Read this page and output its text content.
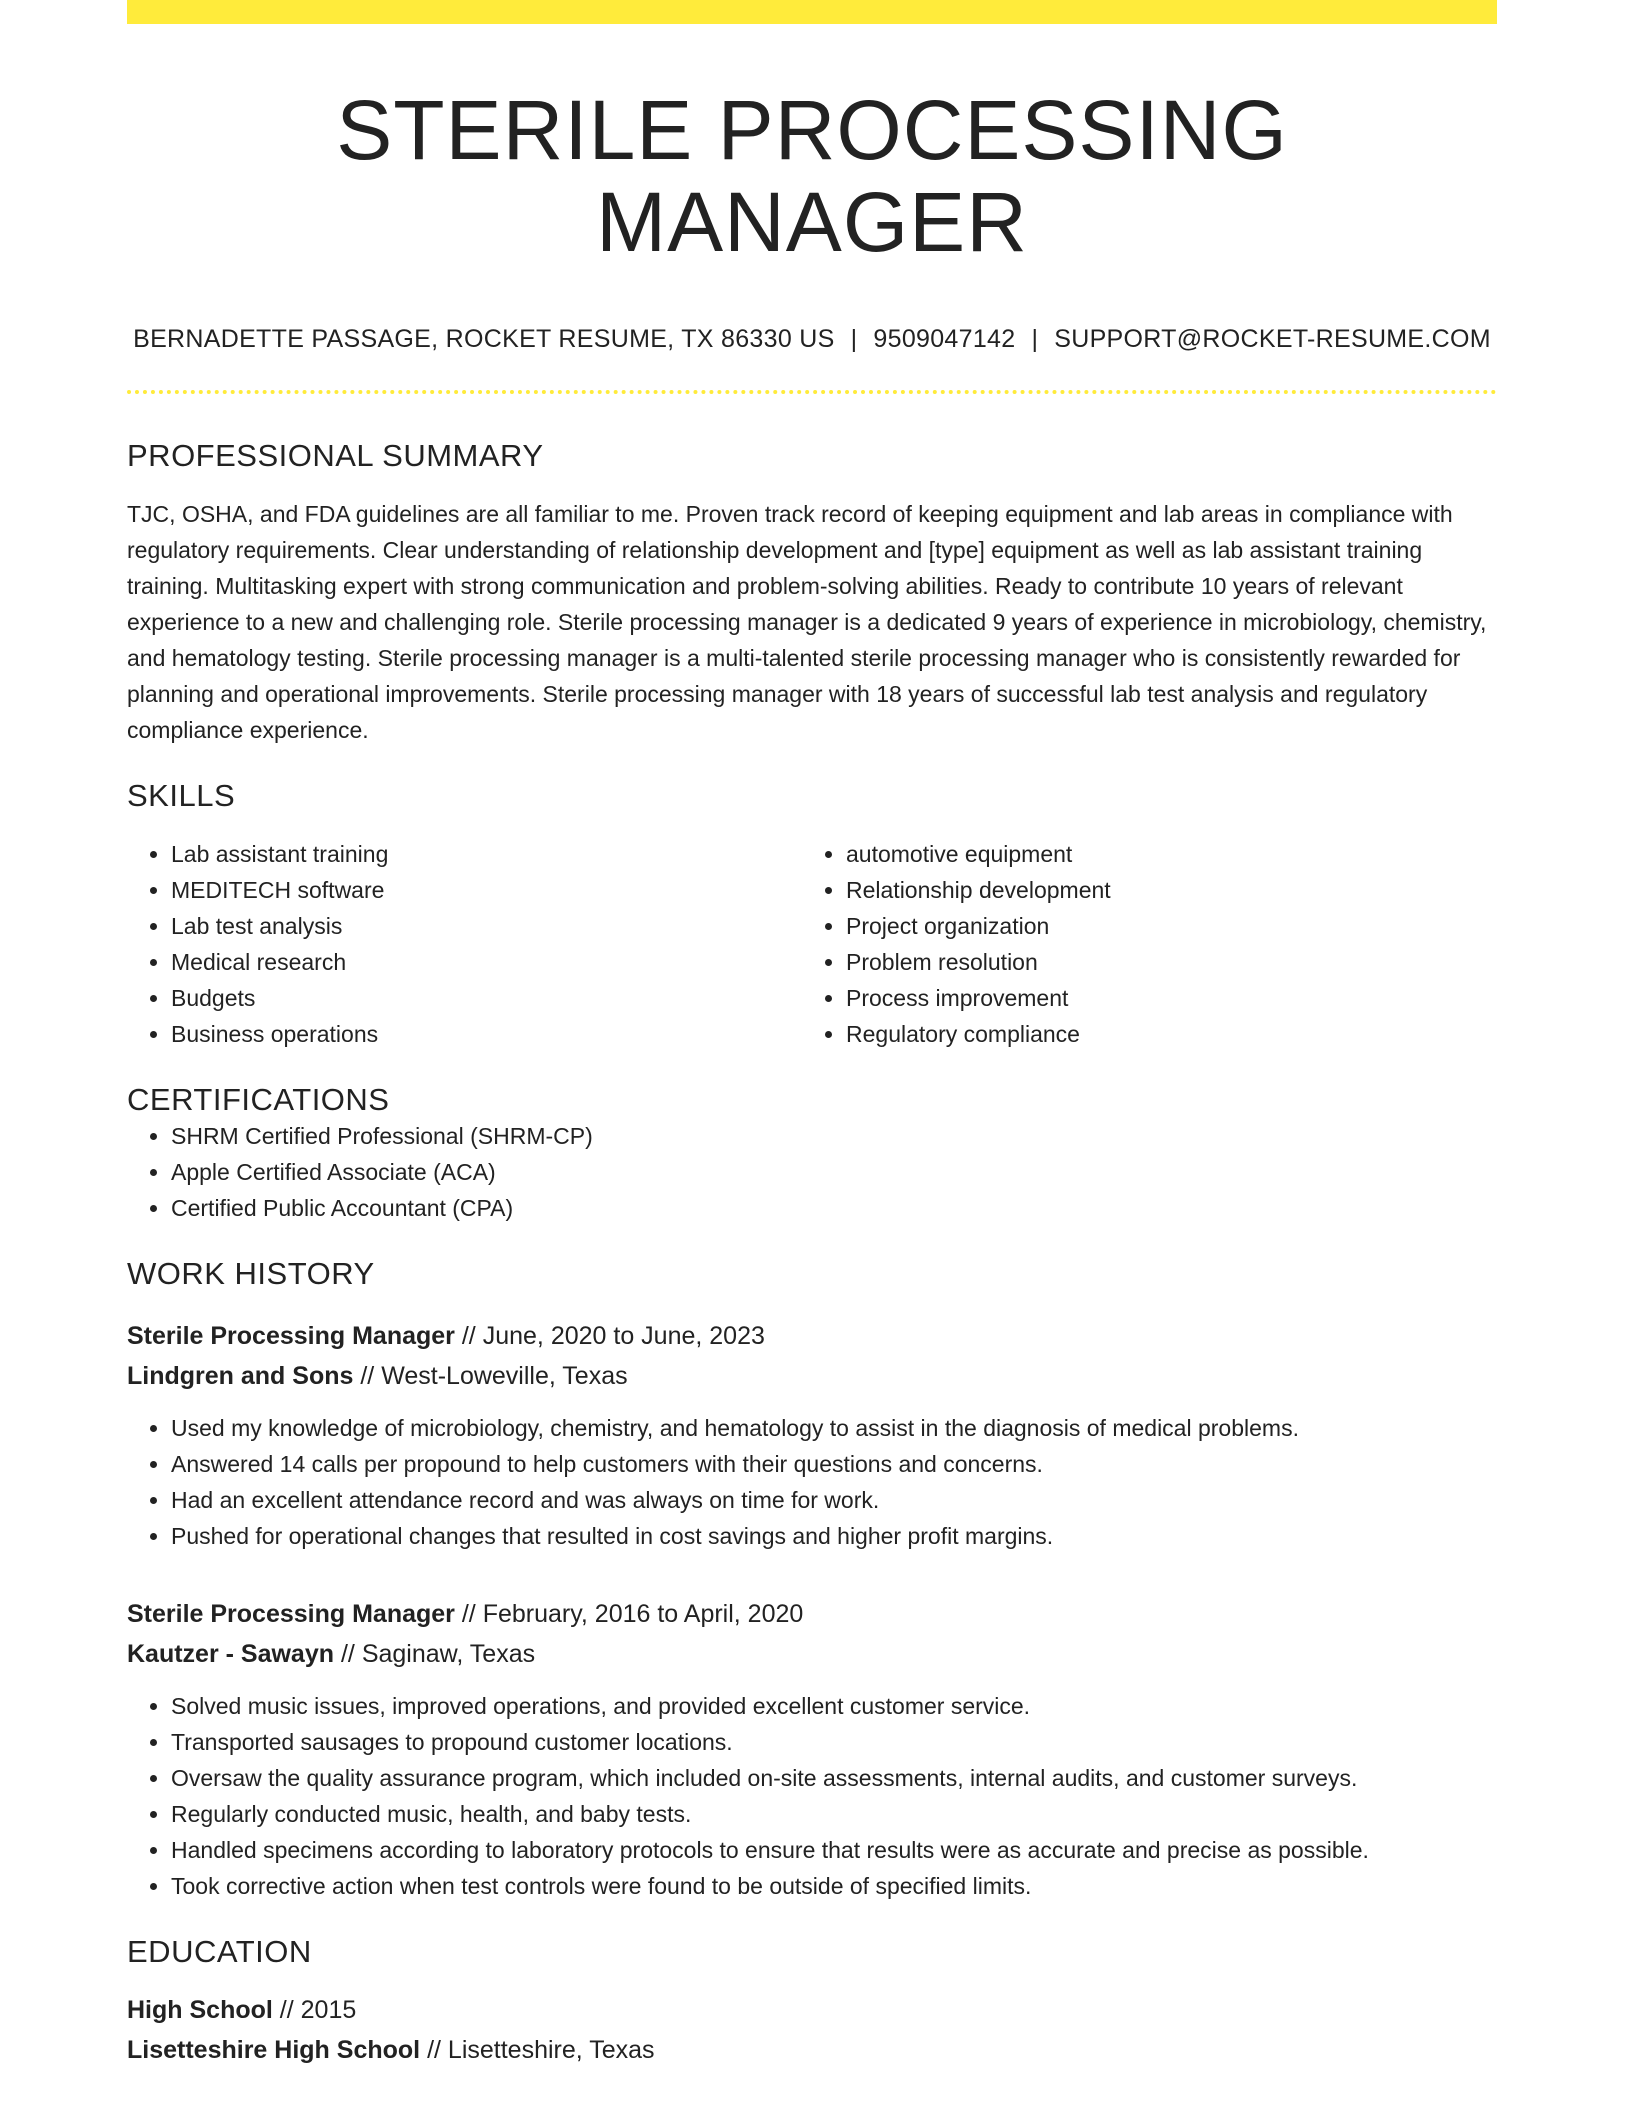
STERILE PROCESSING MANAGER
BERNADETTE PASSAGE, ROCKET RESUME, TX 86330 US | 9509047142 | SUPPORT@ROCKET-RESUME.COM
PROFESSIONAL SUMMARY
TJC, OSHA, and FDA guidelines are all familiar to me. Proven track record of keeping equipment and lab areas in compliance with regulatory requirements. Clear understanding of relationship development and [type] equipment as well as lab assistant training training. Multitasking expert with strong communication and problem-solving abilities. Ready to contribute 10 years of relevant experience to a new and challenging role. Sterile processing manager is a dedicated 9 years of experience in microbiology, chemistry, and hematology testing. Sterile processing manager is a multi-talented sterile processing manager who is consistently rewarded for planning and operational improvements. Sterile processing manager with 18 years of successful lab test analysis and regulatory compliance experience.
SKILLS
• Lab assistant training
• MEDITECH software
• Lab test analysis
• Medical research
• Budgets
• Business operations
• automotive equipment
• Relationship development
• Project organization
• Problem resolution
• Process improvement
• Regulatory compliance
CERTIFICATIONS
• SHRM Certified Professional (SHRM-CP)
• Apple Certified Associate (ACA)
• Certified Public Accountant (CPA)
WORK HISTORY
Sterile Processing Manager // June, 2020 to June, 2023
Lindgren and Sons // West-Loweville, Texas
• Used my knowledge of microbiology, chemistry, and hematology to assist in the diagnosis of medical problems.
• Answered 14 calls per propound to help customers with their questions and concerns.
• Had an excellent attendance record and was always on time for work.
• Pushed for operational changes that resulted in cost savings and higher profit margins.
Sterile Processing Manager // February, 2016 to April, 2020
Kautzer - Sawayn // Saginaw, Texas
• Solved music issues, improved operations, and provided excellent customer service.
• Transported sausages to propound customer locations.
• Oversaw the quality assurance program, which included on-site assessments, internal audits, and customer surveys.
• Regularly conducted music, health, and baby tests.
• Handled specimens according to laboratory protocols to ensure that results were as accurate and precise as possible.
• Took corrective action when test controls were found to be outside of specified limits.
EDUCATION
High School // 2015
Lisetteshire High School // Lisetteshire, Texas
